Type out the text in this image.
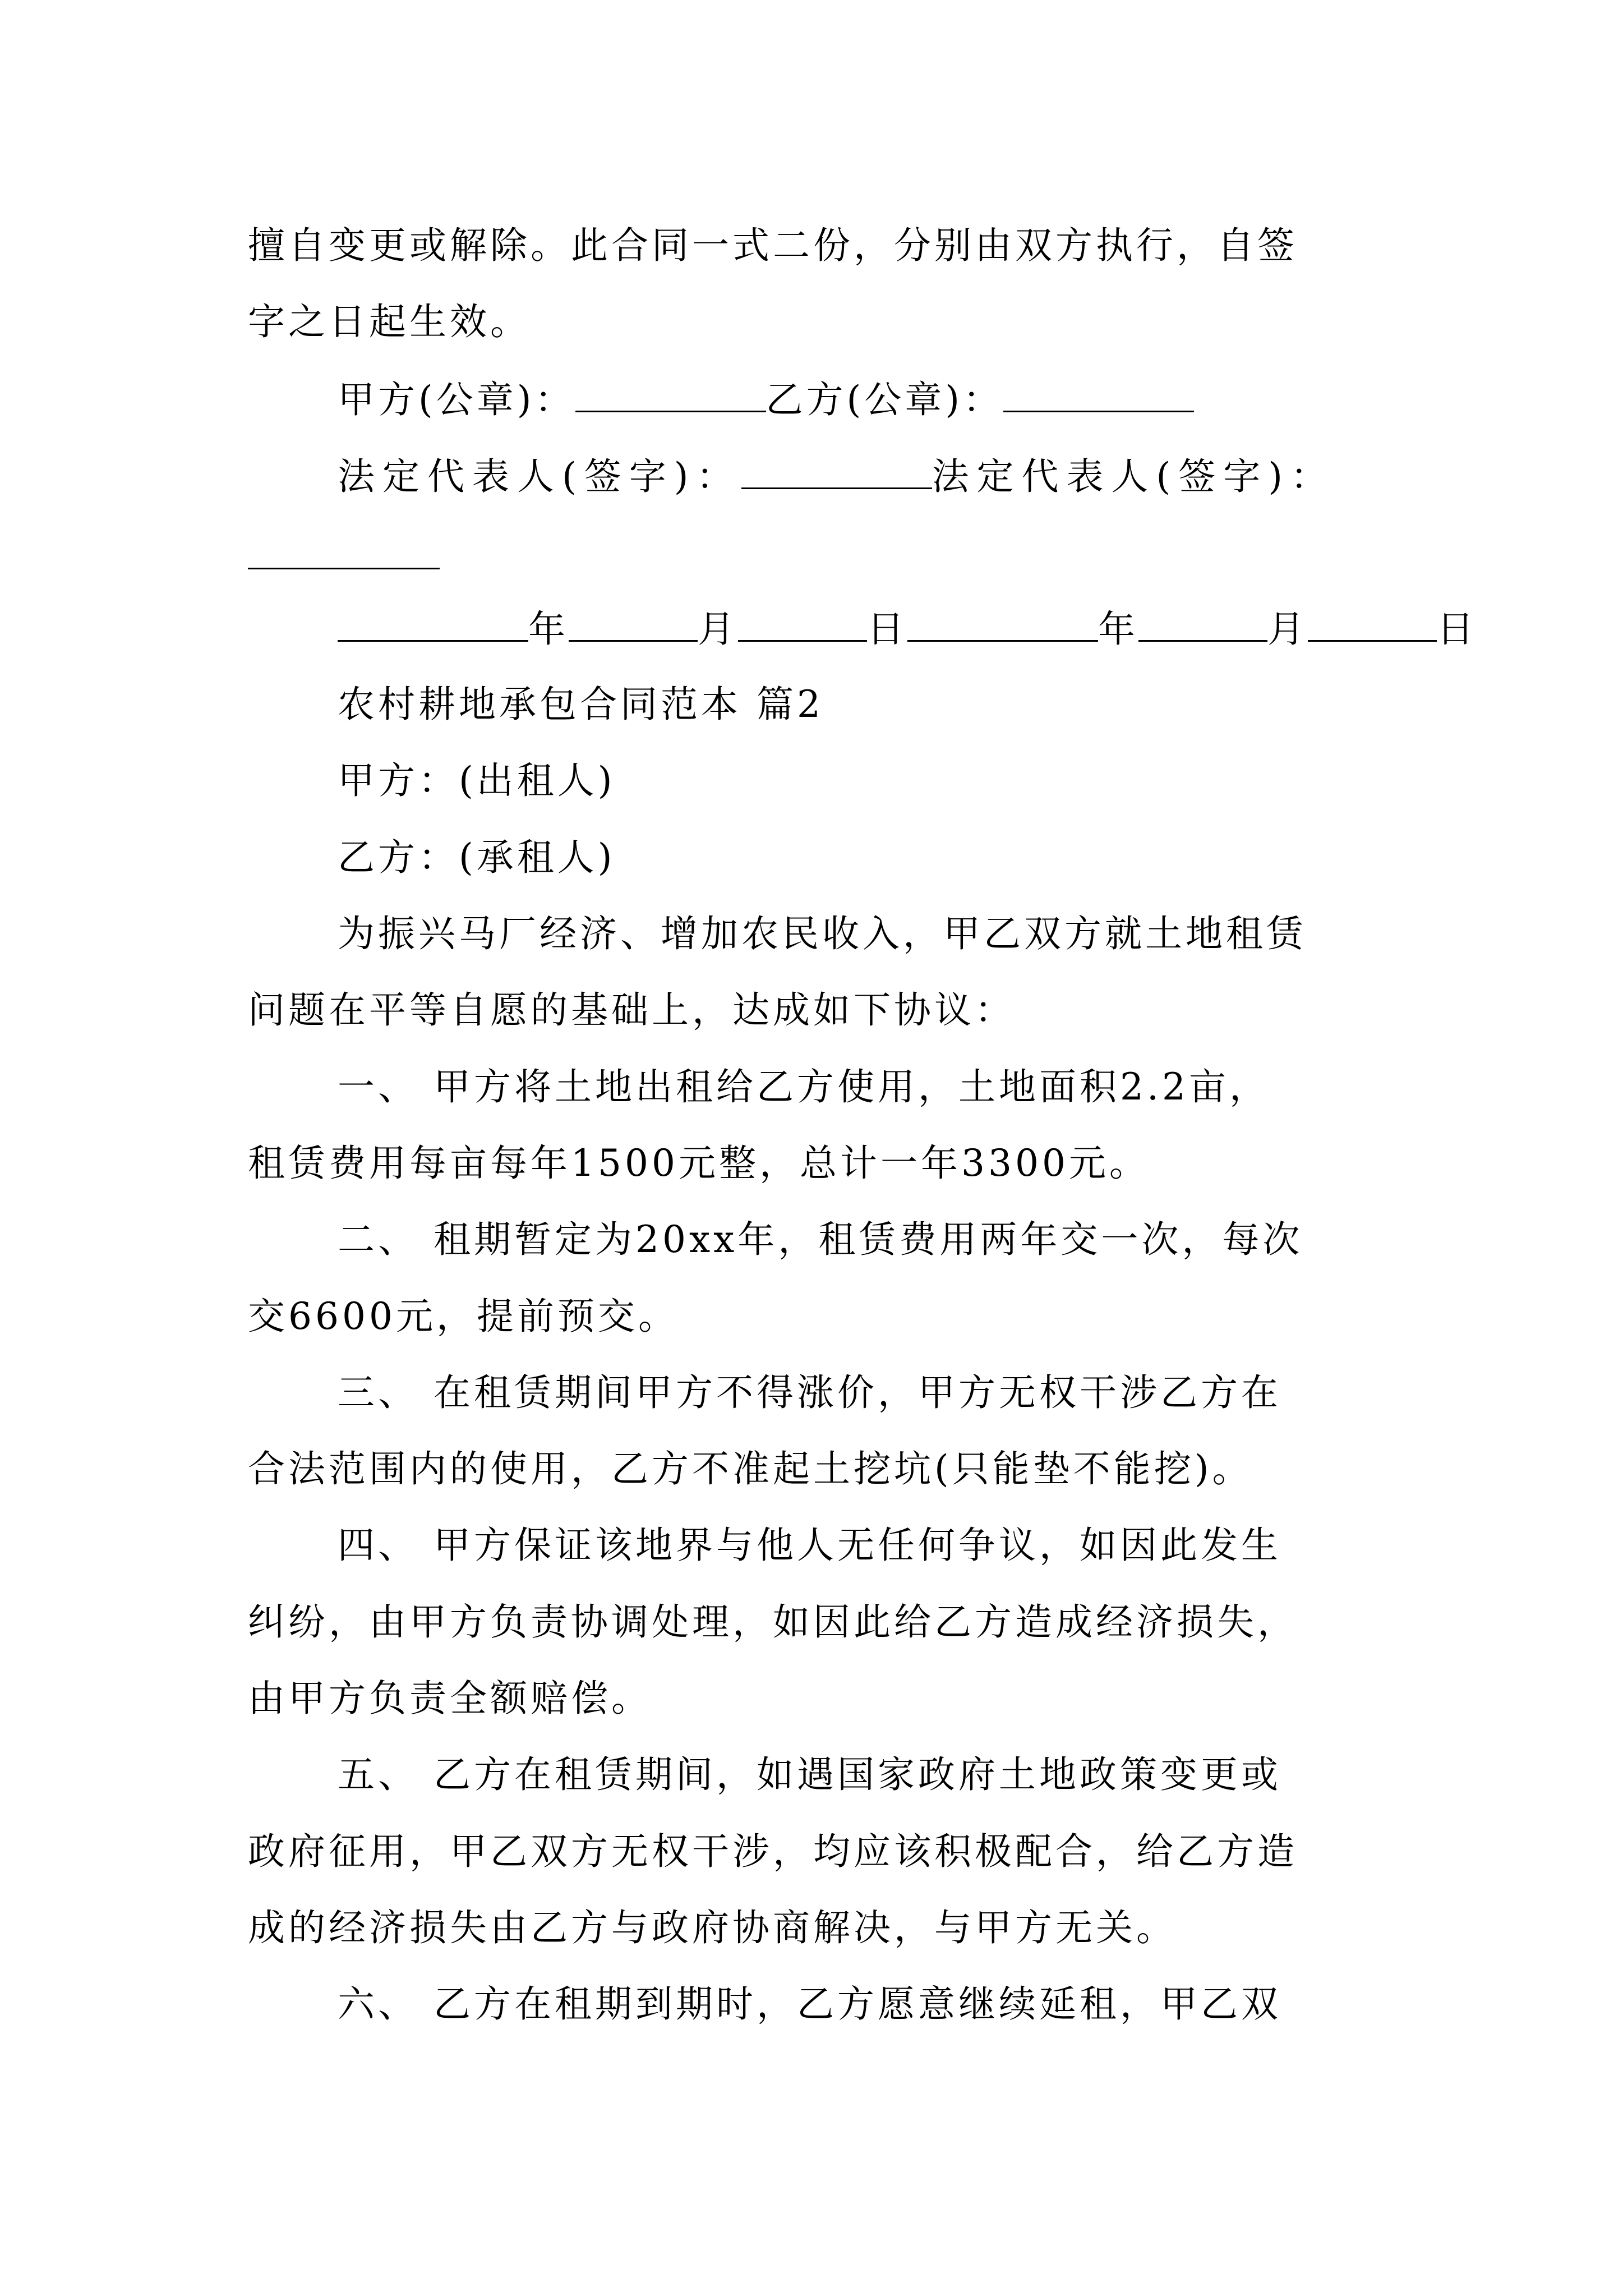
擅自变更或解除。此合同一式二份，分别由双方执行，自签
字之日起生效。
甲方(公章)：	乙方(公章)：
法定代表人(签字)：	法定代表人(签字)：
年	月	日	年	月	日
农村耕地承包合同范本 篇2
甲方：(出租人)
乙方：(承租人)
为振兴马厂经济、增加农民收入，甲乙双方就土地租赁
问题在平等自愿的基础上，达成如下协议：
一、 甲方将土地出租给乙方使用，土地面积2.2亩，
租赁费用每亩每年1500元整，总计一年3300元。
二、 租期暂定为20xx年，租赁费用两年交一次，每次
交6600元，提前预交。
三、 在租赁期间甲方不得涨价，甲方无权干涉乙方在
合法范围内的使用，乙方不准起土挖坑(只能垫不能挖)。
四、 甲方保证该地界与他人无任何争议，如因此发生
纠纷，由甲方负责协调处理，如因此给乙方造成经济损失，
由甲方负责全额赔偿。
五、 乙方在租赁期间，如遇国家政府土地政策变更或
政府征用，甲乙双方无权干涉，均应该积极配合，给乙方造
成的经济损失由乙方与政府协商解决，与甲方无关。
六、 乙方在租期到期时，乙方愿意继续延租，甲乙双
